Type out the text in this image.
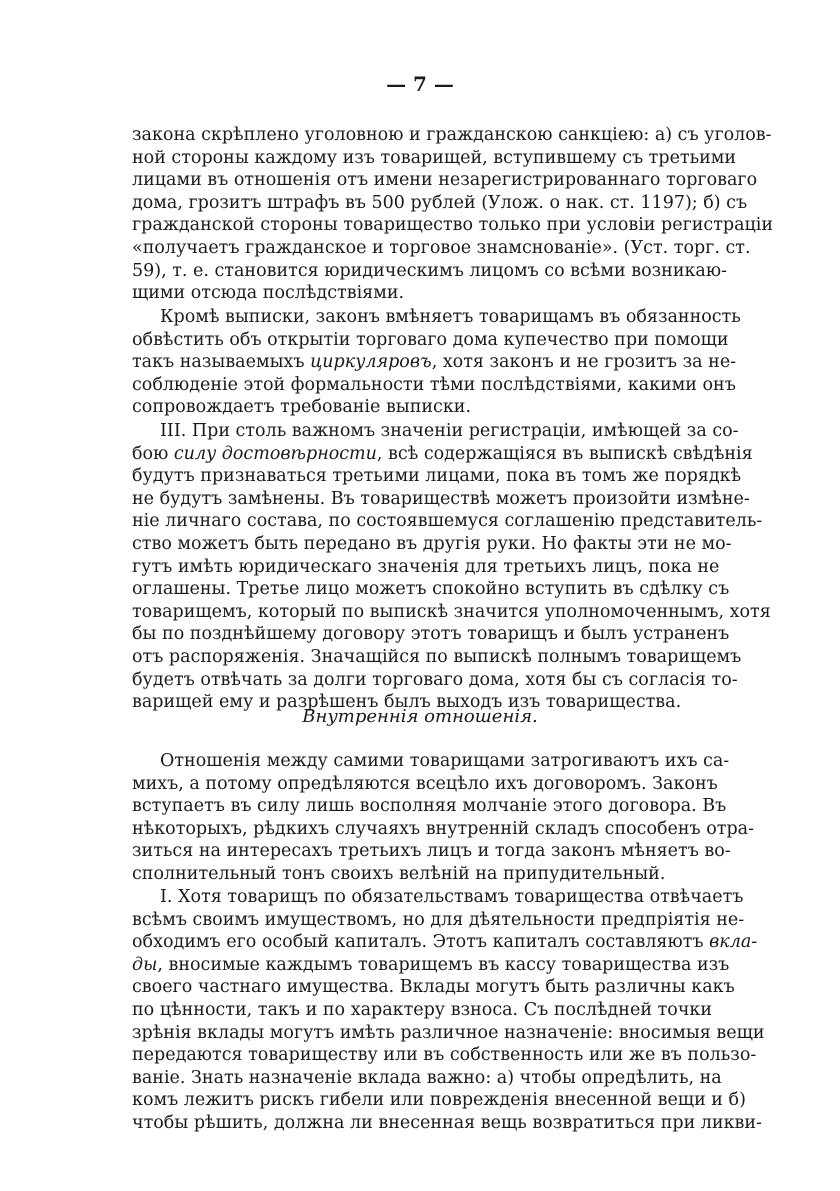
— 7 —
закона скрѣплено уголовною и гражданскою санкціею: а) съ уголов-
ной стороны каждому изъ товарищей, вступившему съ третьими
лицами въ отношенія отъ имени незарегистрированнаго торговаго
дома, грозитъ штрафъ въ 500 рублей (Улож. о нак. ст. 1197); б) съ
гражданской стороны товарищество только при условіи регистраціи
«получаетъ гражданское и торговое знамснованіе». (Уст. торг. ст.
59), т. е. становится юридическимъ лицомъ со всѣми возникаю-
щими отсюда послѣдствіями.
Кромѣ выписки, законъ вмѣняетъ товарищамъ въ обязанность
обвѣстить объ открытіи торговаго дома купечество при помощи
такъ называемыхъ циркуляровъ, хотя законъ и не грозитъ за не-
соблюденіе этой формальности тѣми послѣдствіями, какими онъ
сопровождаетъ требованіе выписки.
III. При столь важномъ значеніи регистраціи, имѣющей за со-
бою силу достовѣрности, всѣ содержащіяся въ выпискѣ свѣдѣнія
будутъ признаваться третьими лицами, пока въ томъ же порядкѣ
не будутъ замѣнены. Въ товариществѣ можетъ произойти измѣне-
ніе личнаго состава, по состоявшемуся соглашенію представитель-
ство можетъ быть передано въ другія руки. Но факты эти не мо-
гутъ имѣть юридическаго значенія для третьихъ лицъ, пока не
оглашены. Третье лицо можетъ спокойно вступить въ сдѣлку съ
товарищемъ, который по выпискѣ значится уполномоченнымъ, хотя
бы по позднѣйшему договору этотъ товарищъ и былъ устраненъ
отъ распоряженія. Значащійся по выпискѣ полнымъ товарищемъ
будетъ отвѣчать за долги торговаго дома, хотя бы съ согласія то-
варищей ему и разрѣшенъ былъ выходъ изъ товарищества.
Внутреннія отношенія.
Отношенія между самими товарищами затрогиваютъ ихъ са-
михъ, а потому опредѣляются всецѣло ихъ договоромъ. Законъ
вступаетъ въ силу лишь восполняя молчаніе этого договора. Въ
нѣкоторыхъ, рѣдкихъ случаяхъ внутренній складъ способенъ отра-
зиться на интересахъ третьихъ лицъ и тогда законъ мѣняетъ во-
сполнительный тонъ своихъ велѣній на припудительный.
I. Хотя товарищъ по обязательствамъ товарищества отвѣчаетъ
всѣмъ своимъ имуществомъ, но для дѣятельности предпріятія не-
обходимъ его особый капиталъ. Этотъ капиталъ составляютъ вкла-
ды, вносимые каждымъ товарищемъ въ кассу товарищества изъ
своего частнаго имущества. Вклады могутъ быть различны какъ
по цѣнности, такъ и по характеру взноса. Съ послѣдней точки
зрѣнія вклады могутъ имѣть различное назначеніе: вносимыя вещи
передаются товариществу или въ собственность или же въ пользо-
ваніе. Знать назначеніе вклада важно: а) чтобы опредѣлить, на
комъ лежитъ рискъ гибели или поврежденія внесенной вещи и б)
чтобы рѣшить, должна ли внесенная вещь возвратиться при ликви-
